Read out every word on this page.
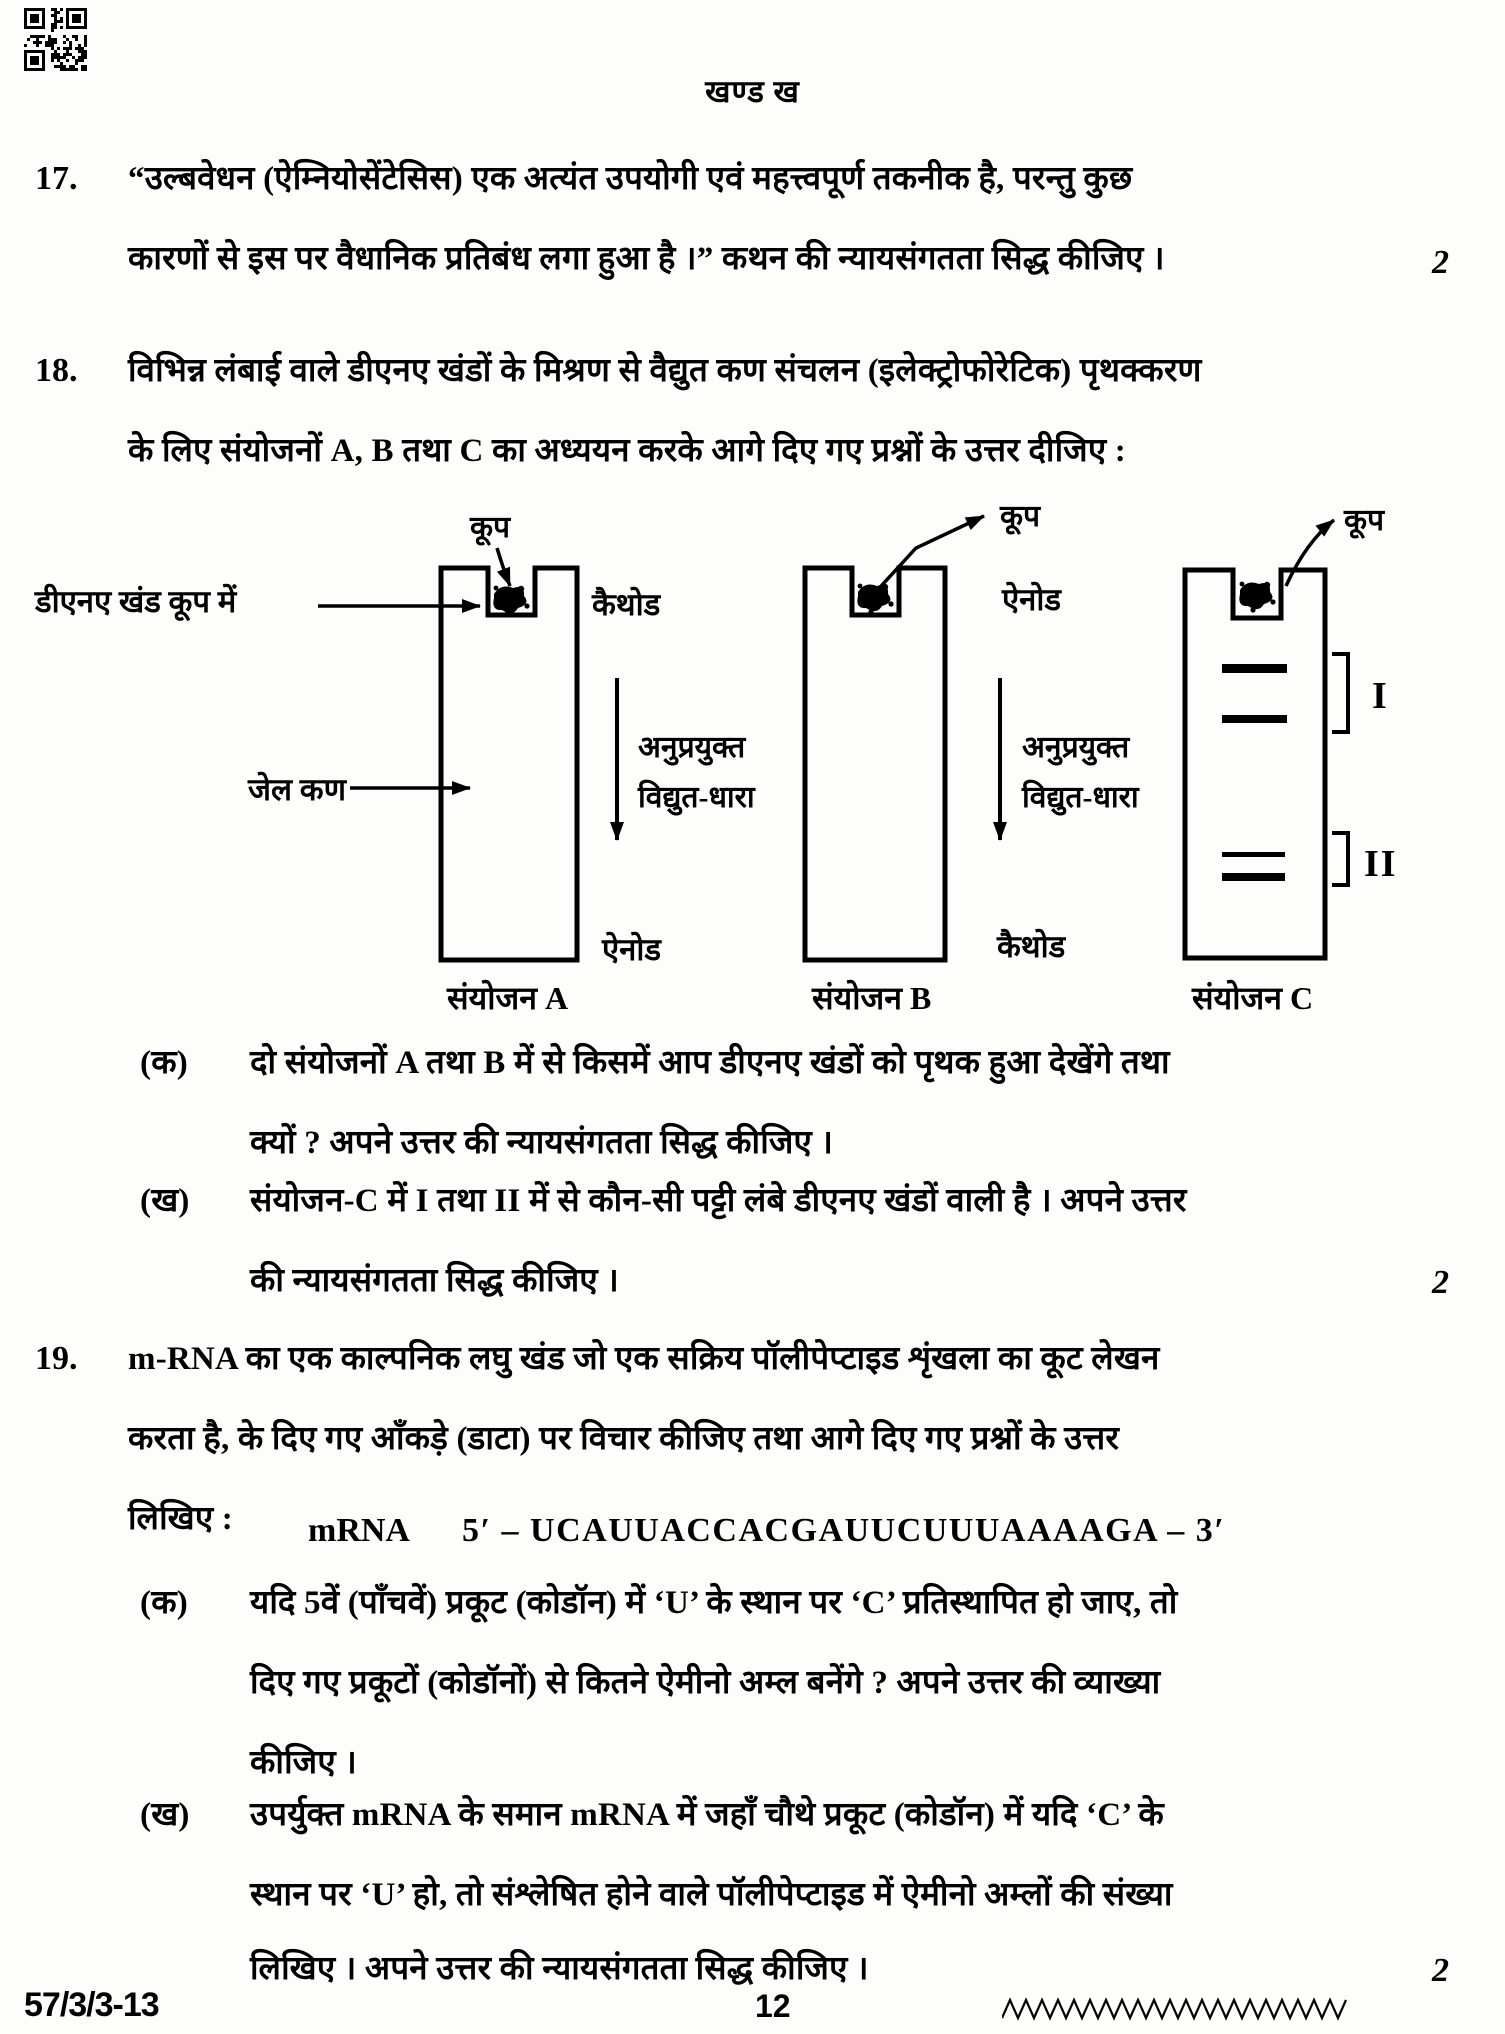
खण्ड ख
17. “उल्बवेधन (ऐम्नियोसेंटेसिस) एक अत्यंत उपयोगी एवं महत्त्वपूर्ण तकनीक है, परन्तु कुछ
कारणों से इस पर वैधानिक प्रतिबंध लगा हुआ है ।” कथन की न्यायसंगतता सिद्ध कीजिए ।	2
18. विभिन्न लंबाई वाले डीएनए खंडों के मिश्रण से वैद्युत कण संचलन (इलेक्ट्रोफोरेटिक) पृथक्करण
के लिए संयोजनों A, B तथा C का अध्ययन करके आगे दिए गए प्रश्नों के उत्तर दीजिए :
कूप
डीएनए खंड कूप में	कैथोड
अनुप्रयुक्त
विद्युत-धारा
जेल कण
ऐनोड
संयोजन A
कूप
ऐनोड
अनुप्रयुक्त
विद्युत-धारा
कैथोड
संयोजन B
कूप
I
II
संयोजन C
(क) दो संयोजनों A तथा B में से किसमें आप डीएनए खंडों को पृथक हुआ देखेंगे तथा
क्यों ? अपने उत्तर की न्यायसंगतता सिद्ध कीजिए ।
(ख) संयोजन-C में I तथा II में से कौन-सी पट्टी लंबे डीएनए खंडों वाली है । अपने उत्तर
की न्यायसंगतता सिद्ध कीजिए ।	2
19. m-RNA का एक काल्पनिक लघु खंड जो एक सक्रिय पॉलीपेप्टाइड शृंखला का कूट लेखन
करता है, के दिए गए आँकड़े (डाटा) पर विचार कीजिए तथा आगे दिए गए प्रश्नों के उत्तर
लिखिए : mRNA 5′ – UCAUUACCACGAUUCUUUAAAAGA – 3′
(क) यदि 5वें (पाँचवें) प्रकूट (कोडॉन) में ‘U’ के स्थान पर ‘C’ प्रतिस्थापित हो जाए, तो
दिए गए प्रकूटों (कोडॉनों) से कितने ऐमीनो अम्ल बनेंगे ? अपने उत्तर की व्याख्या
कीजिए ।
(ख) उपर्युक्त mRNA के समान mRNA में जहाँ चौथे प्रकूट (कोडॉन) में यदि ‘C’ के
स्थान पर ‘U’ हो, तो संश्लेषित होने वाले पॉलीपेप्टाइड में ऐमीनो अम्लों की संख्या
लिखिए । अपने उत्तर की न्यायसंगतता सिद्ध कीजिए ।	2
57/3/3-13	12
